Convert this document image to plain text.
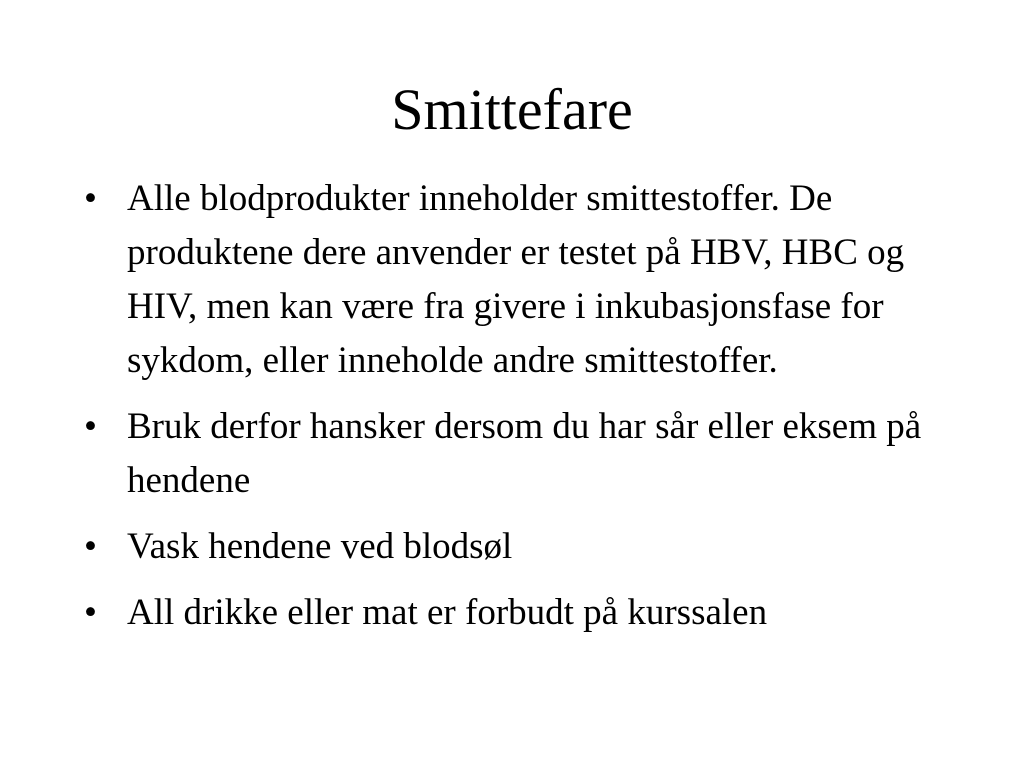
Smittefare
• Alle blodprodukter inneholder smittestoffer. De produktene dere anvender er testet på HBV, HBC og HIV, men kan være fra givere i inkubasjonsfase for sykdom, eller inneholde andre smittestoffer.
• Bruk derfor hansker dersom du har sår eller eksem på hendene
• Vask hendene ved blodsøl
• All drikke eller mat er forbudt på kurssalen
